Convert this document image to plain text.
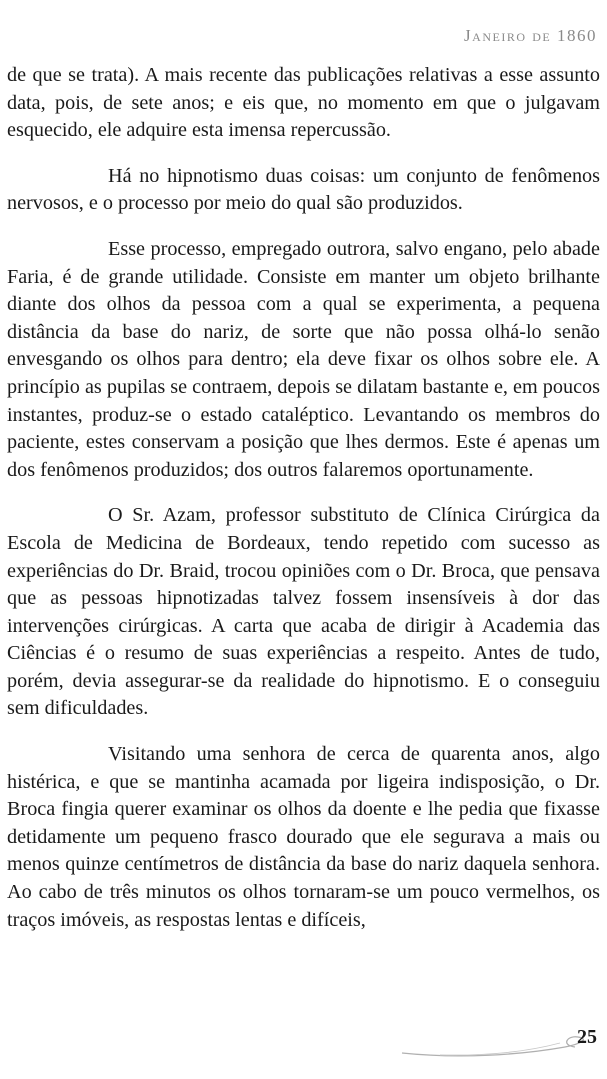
Janeiro de 1860

de que se trata). A mais recente das publicações relativas a esse assunto data, pois, de sete anos; e eis que, no momento em que o julgavam esquecido, ele adquire esta imensa repercussão.

Há no hipnotismo duas coisas: um conjunto de fenômenos nervosos, e o processo por meio do qual são produzidos.

Esse processo, empregado outrora, salvo engano, pelo abade Faria, é de grande utilidade. Consiste em manter um objeto brilhante diante dos olhos da pessoa com a qual se experimenta, a pequena distância da base do nariz, de sorte que não possa olhá-lo senão envesgando os olhos para dentro; ela deve fixar os olhos sobre ele. A princípio as pupilas se contraem, depois se dilatam bastante e, em poucos instantes, produz-se o estado cataléptico. Levantando os membros do paciente, estes conservam a posição que lhes dermos. Este é apenas um dos fenômenos produzidos; dos outros falaremos oportunamente.

O Sr. Azam, professor substituto de Clínica Cirúrgica da Escola de Medicina de Bordeaux, tendo repetido com sucesso as experiências do Dr. Braid, trocou opiniões com o Dr. Broca, que pensava que as pessoas hipnotizadas talvez fossem insensíveis à dor das intervenções cirúrgicas. A carta que acaba de dirigir à Academia das Ciências é o resumo de suas experiências a respeito. Antes de tudo, porém, devia assegurar-se da realidade do hipnotismo. E o conseguiu sem dificuldades.

Visitando uma senhora de cerca de quarenta anos, algo histérica, e que se mantinha acamada por ligeira indisposição, o Dr. Broca fingia querer examinar os olhos da doente e lhe pedia que fixasse detidamente um pequeno frasco dourado que ele segurava a mais ou menos quinze centímetros de distância da base do nariz daquela senhora. Ao cabo de três minutos os olhos tornaram-se um pouco vermelhos, os traços imóveis, as respostas lentas e difíceis,

25
